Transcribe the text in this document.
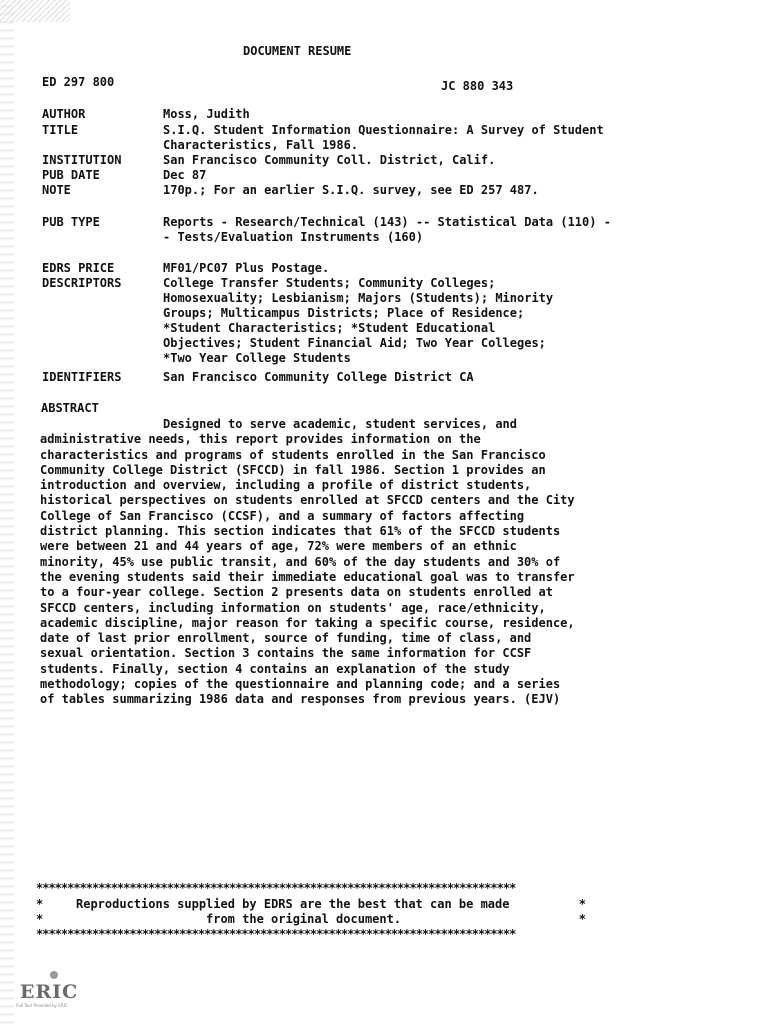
DOCUMENT RESUME
ED 297 800	JC 880 343
AUTHOR	Moss, Judith
TITLE	S.I.Q. Student Information Questionnaire: A Survey of Student Characteristics, Fall 1986.
INSTITUTION	San Francisco Community Coll. District, Calif.
PUB DATE	Dec 87
NOTE	170p.; For an earlier S.I.Q. survey, see ED 257 487.
PUB TYPE	Reports - Research/Technical (143) -- Statistical Data (110) -- Tests/Evaluation Instruments (160)
EDRS PRICE	MF01/PC07 Plus Postage.
DESCRIPTORS	College Transfer Students; Community Colleges; Homosexuality; Lesbianism; Majors (Students); Minority Groups; Multicampus Districts; Place of Residence; *Student Characteristics; *Student Educational Objectives; Student Financial Aid; Two Year Colleges; *Two Year College Students
IDENTIFIERS	San Francisco Community College District CA
ABSTRACT
Designed to serve academic, student services, and administrative needs, this report provides information on the characteristics and programs of students enrolled in the San Francisco Community College District (SFCCD) in fall 1986. Section 1 provides an introduction and overview, including a profile of district students, historical perspectives on students enrolled at SFCCD centers and the City College of San Francisco (CCSF), and a summary of factors affecting district planning. This section indicates that 61% of the SFCCD students were between 21 and 44 years of age, 72% were members of an ethnic minority, 45% use public transit, and 60% of the day students and 30% of the evening students said their immediate educational goal was to transfer to a four-year college. Section 2 presents data on students enrolled at SFCCD centers, including information on students' age, race/ethnicity, academic discipline, major reason for taking a specific course, residence, date of last prior enrollment, source of funding, time of class, and sexual orientation. Section 3 contains the same information for CCSF students. Finally, section 4 contains an explanation of the study methodology; copies of the questionnaire and planning code; and a series of tables summarizing 1986 data and responses from previous years. (EJV)
*****************************************************************************
*	Reproductions supplied by EDRS are the best that can be made	*
*	from the original document.	*
*****************************************************************************
ERIC
Full Text Provided by ERIC
